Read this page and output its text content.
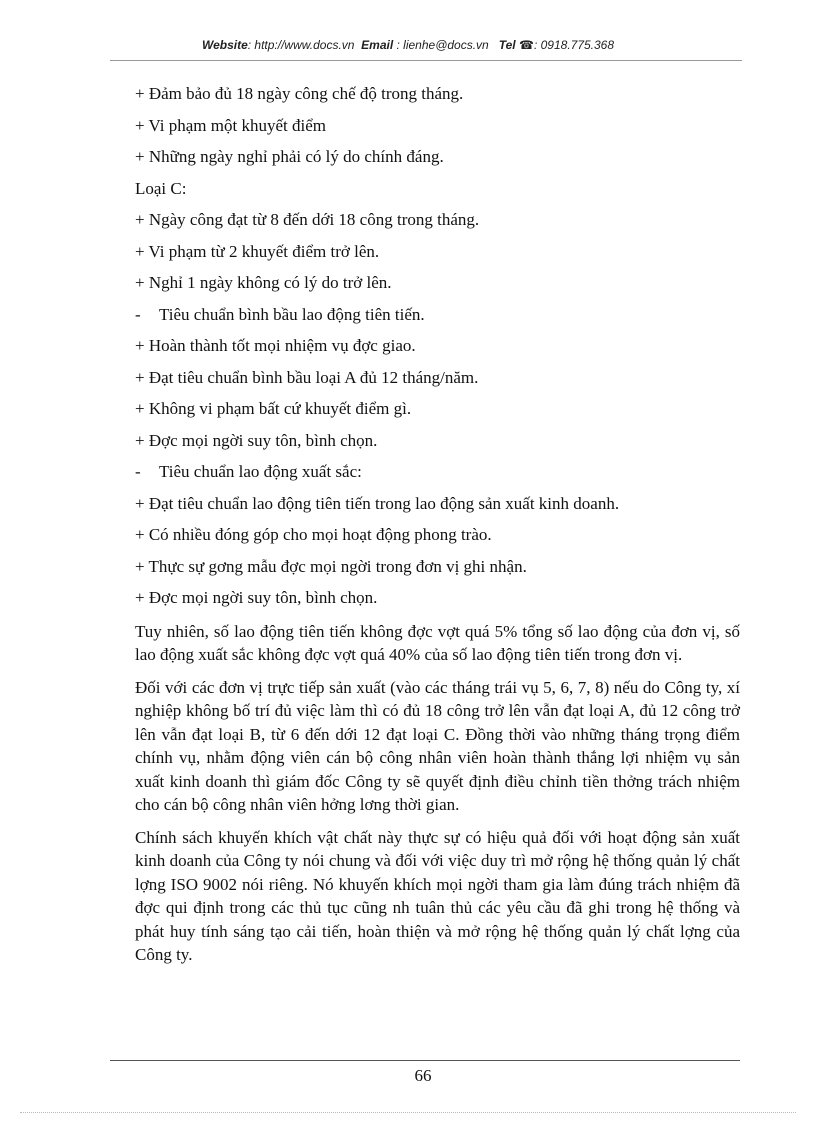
Website: http://www.docs.vn Email : lienhe@docs.vn Tel ☎: 0918.775.368
+ Đảm bảo đủ 18 ngày công chế độ trong tháng.
+ Vi phạm một khuyết điểm
+ Những ngày nghỉ phải có lý do chính đáng.
Loại C:
+ Ngày công đạt từ 8 đến dới 18 công trong tháng.
+ Vi phạm từ 2 khuyết điểm trở lên.
+ Nghỉ 1 ngày không có lý do trở lên.
- Tiêu chuẩn bình bầu lao động tiên tiến.
+ Hoàn thành tốt mọi nhiệm vụ đợc giao.
+ Đạt tiêu chuẩn bình bầu loại A đủ 12 tháng/năm.
+ Không vi phạm bất cứ khuyết điểm gì.
+ Đợc mọi ngời suy tôn, bình chọn.
- Tiêu chuẩn lao động xuất sắc:
+ Đạt tiêu chuẩn lao động tiên tiến trong lao động sản xuất kinh doanh.
+ Có nhiều đóng góp cho mọi hoạt động phong trào.
+ Thực sự gơng mẫu đợc mọi ngời trong đơn vị ghi nhận.
+ Đợc mọi ngời suy tôn, bình chọn.

Tuy nhiên, số lao động tiên tiến không đợc vợt quá 5% tổng số lao động của đơn vị, số lao động xuất sắc không đợc vợt quá 40% của số lao động tiên tiến trong đơn vị.

Đối với các đơn vị trực tiếp sản xuất (vào các tháng trái vụ 5, 6, 7, 8) nếu do Công ty, xí nghiệp không bố trí đủ việc làm thì có đủ 18 công trở lên vẫn đạt loại A, đủ 12 công trở lên vẫn đạt loại B, từ 6 đến dới 12 đạt loại C. Đồng thời vào những tháng trọng điểm chính vụ, nhằm động viên cán bộ công nhân viên hoàn thành thắng lợi nhiệm vụ sản xuất kinh doanh thì giám đốc Công ty sẽ quyết định điều chỉnh tiền thởng trách nhiệm cho cán bộ công nhân viên hởng lơng thời gian.

Chính sách khuyến khích vật chất này thực sự có hiệu quả đối với hoạt động sản xuất kinh doanh của Công ty nói chung và đối với việc duy trì mở rộng hệ thống quản lý chất lợng ISO 9002 nói riêng. Nó khuyến khích mọi ngời tham gia làm đúng trách nhiệm đã đợc qui định trong các thủ tục cũng nh tuân thủ các yêu cầu đã ghi trong hệ thống và phát huy tính sáng tạo cải tiến, hoàn thiện và mở rộng hệ thống quản lý chất lợng của Công ty.

66
